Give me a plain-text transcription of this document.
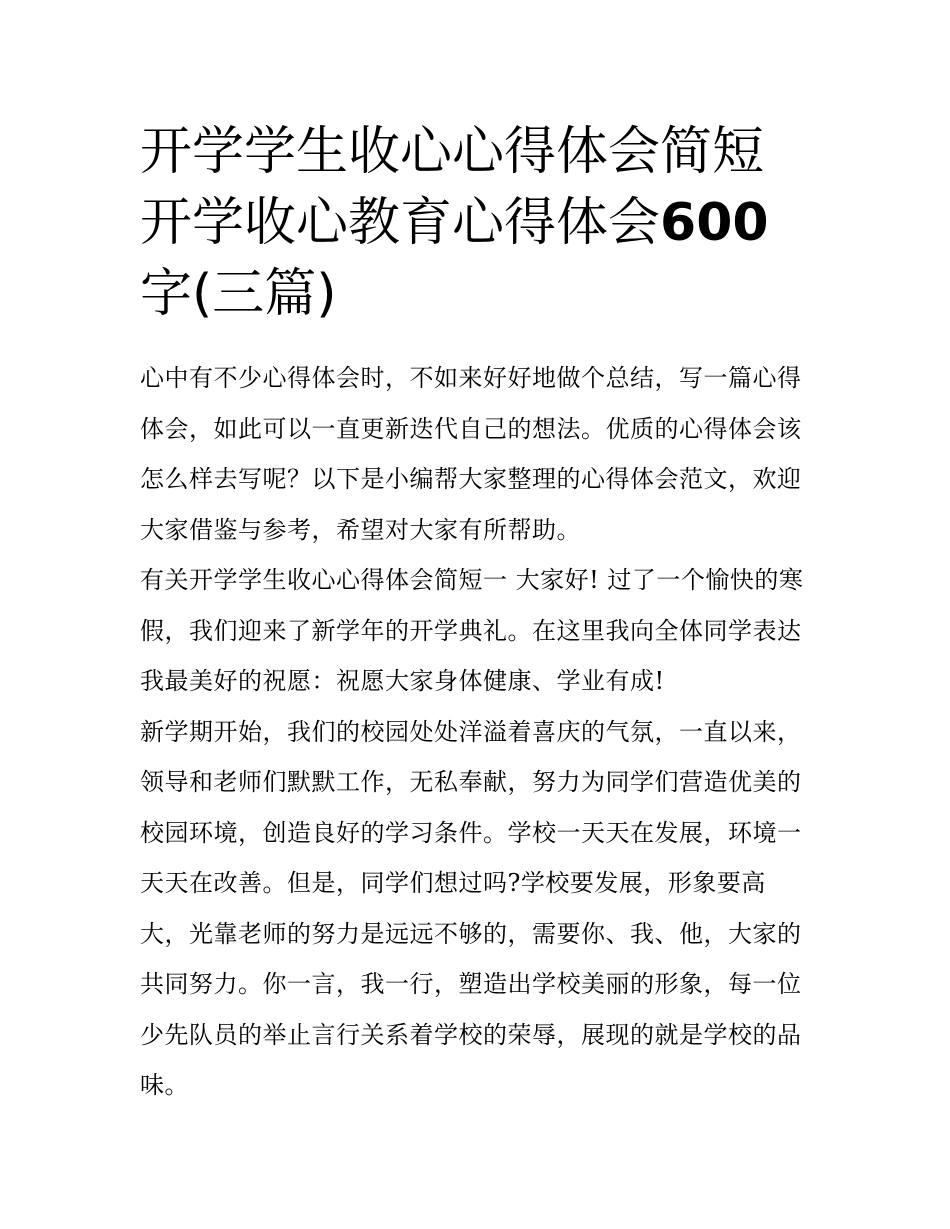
开学学生收心心得体会简短 开学收心教育心得体会600字(三篇)

心中有不少心得体会时，不如来好好地做个总结，写一篇心得
体会，如此可以一直更新迭代自己的想法。优质的心得体会该
怎么样去写呢？以下是小编帮大家整理的心得体会范文，欢迎
大家借鉴与参考，希望对大家有所帮助。

有关开学学生收心心得体会简短一 大家好! 过了一个愉快的寒
假，我们迎来了新学年的开学典礼。在这里我向全体同学表达
我最美好的祝愿：祝愿大家身体健康、学业有成!

新学期开始，我们的校园处处洋溢着喜庆的气氛，一直以来，
领导和老师们默默工作，无私奉献，努力为同学们营造优美的
校园环境，创造良好的学习条件。学校一天天在发展，环境一
天天在改善。但是，同学们想过吗?学校要发展，形象要高
大，光靠老师的努力是远远不够的，需要你、我、他，大家的
共同努力。你一言，我一行，塑造出学校美丽的形象，每一位
少先队员的举止言行关系着学校的荣辱，展现的就是学校的品
味。
